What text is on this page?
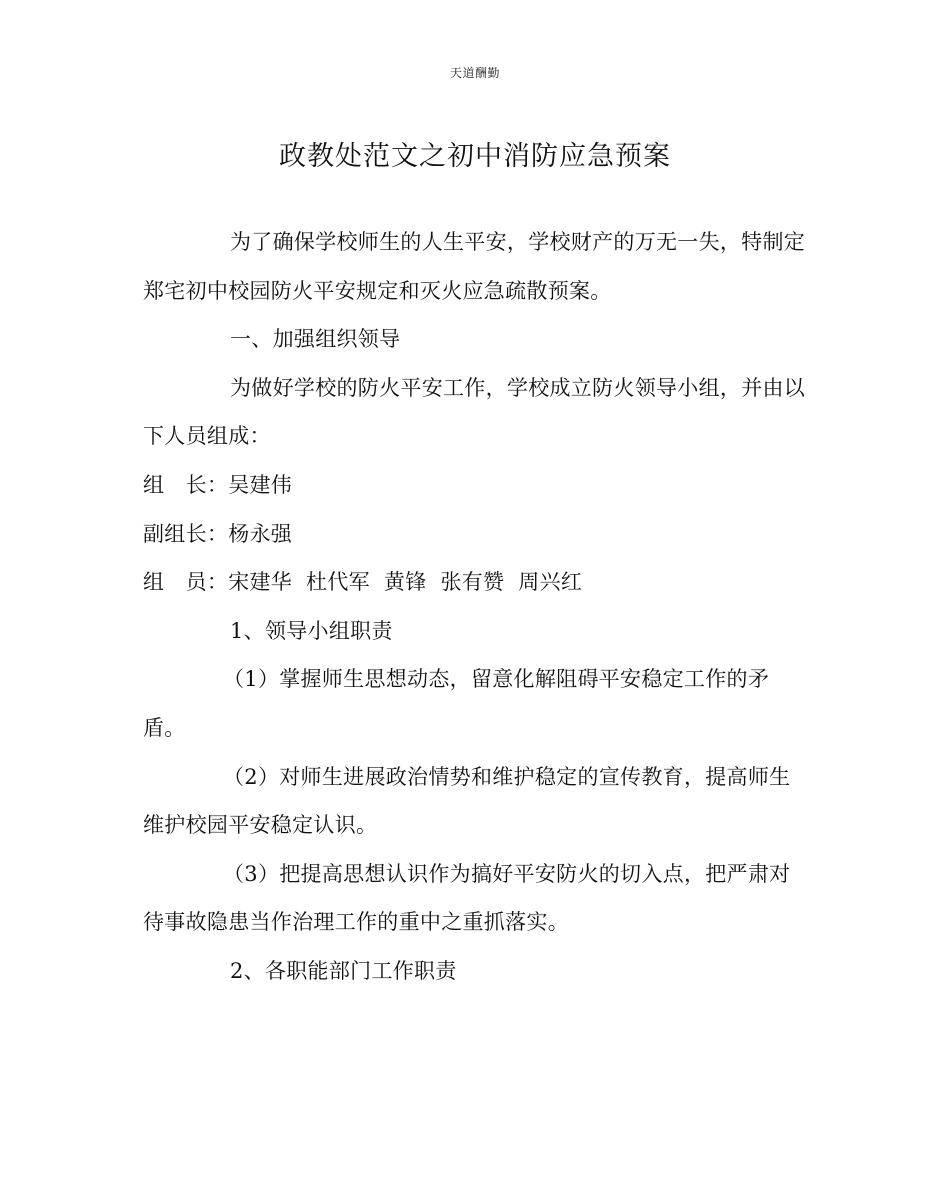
天道酬勤
政教处范文之初中消防应急预案

为了确保学校师生的人生平安，学校财产的万无一失，特制定郑宅初中校园防火平安规定和灭火应急疏散预案。

一、加强组织领导

为做好学校的防火平安工作，学校成立防火领导小组，并由以下人员组成：

组　长：吴建伟

副组长：杨永强

组　员：宋建华  杜代军  黄锋  张有赞  周兴红

1、领导小组职责

（1）掌握师生思想动态，留意化解阻碍平安稳定工作的矛盾。

（2）对师生进展政治情势和维护稳定的宣传教育，提高师生维护校园平安稳定认识。

（3）把提高思想认识作为搞好平安防火的切入点，把严肃对待事故隐患当作治理工作的重中之重抓落实。

2、各职能部门工作职责
